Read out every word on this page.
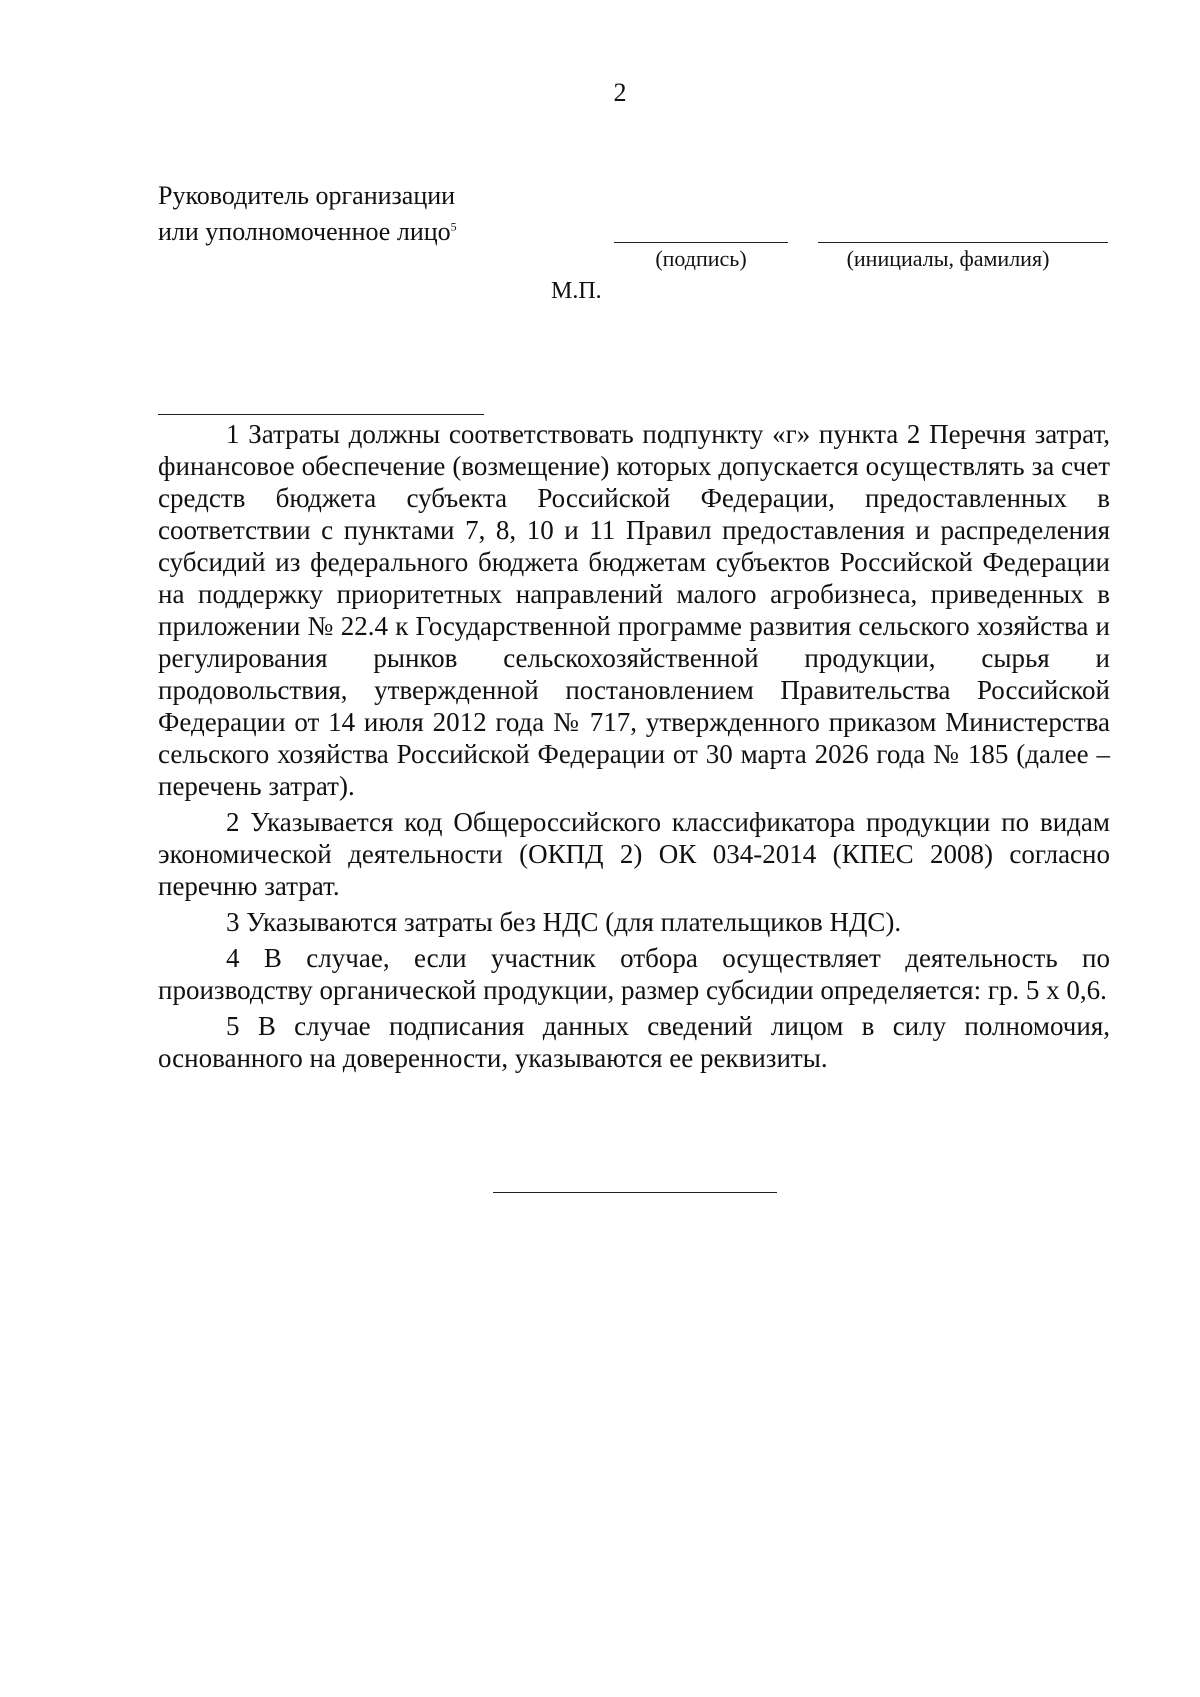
2
Руководитель организации
или уполномоченное лицо$^5$
(подпись)	(инициалы, фамилия)
М.П.

1 Затраты должны соответствовать подпункту «г» пункта 2 Перечня затрат, финансовое обеспечение (возмещение) которых допускается осуществлять за счет средств бюджета субъекта Российской Федерации, предоставленных в соответствии с пунктами 7, 8, 10 и 11 Правил предоставления и распределения субсидий из федерального бюджета бюджетам субъектов Российской Федерации на поддержку приоритетных направлений малого агробизнеса, приведенных в приложении № 22.4 к Государственной программе развития сельского хозяйства и регулирования рынков сельскохозяйственной продукции, сырья и продовольствия, утвержденной постановлением Правительства Российской Федерации от 14 июля 2012 года № 717, утвержденного приказом Министерства сельского хозяйства Российской Федерации от 30 марта 2026 года № 185 (далее – перечень затрат).

2 Указывается код Общероссийского классификатора продукции по видам экономической деятельности (ОКПД 2) ОК 034-2014 (КПЕС 2008) согласно перечню затрат.

3 Указываются затраты без НДС (для плательщиков НДС).

4 В случае, если участник отбора осуществляет деятельность по производству органической продукции, размер субсидии определяется: гр. 5 х 0,6.

5 В случае подписания данных сведений лицом в силу полномочия, основанного на доверенности, указываются ее реквизиты.
